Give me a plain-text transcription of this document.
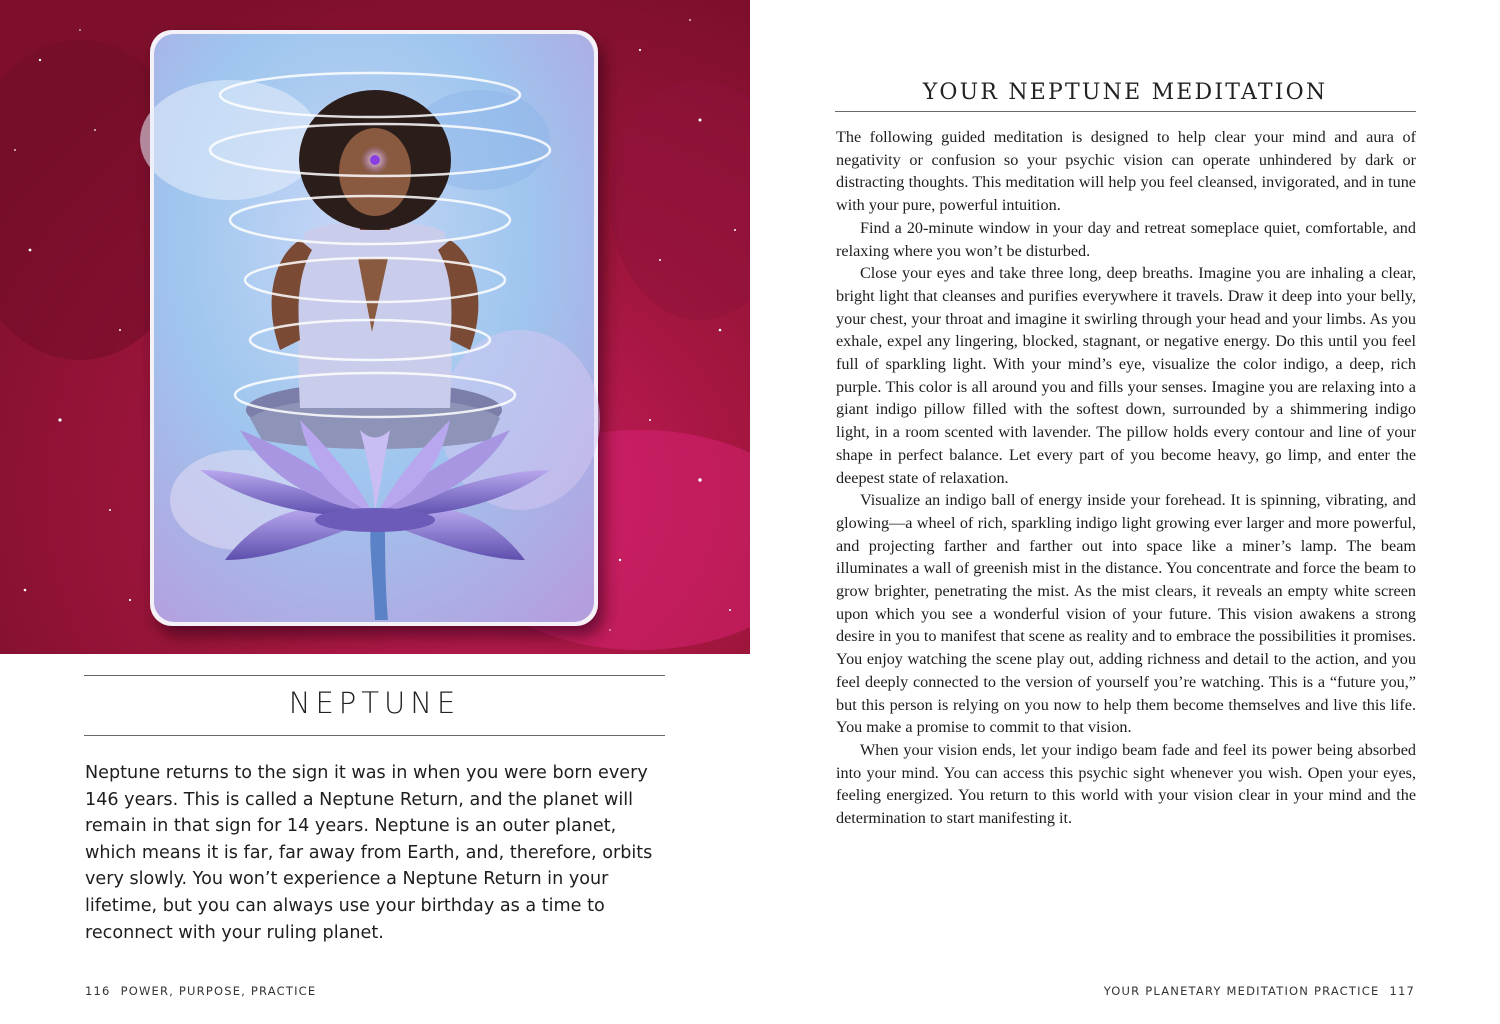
NEPTUNE

Neptune returns to the sign it was in when you were born every 146 years. This is called a Neptune Return, and the planet will remain in that sign for 14 years. Neptune is an outer planet, which means it is far, far away from Earth, and, therefore, orbits very slowly. You won’t experience a Neptune Return in your lifetime, but you can always use your birthday as a time to reconnect with your ruling planet.

116 POWER, PURPOSE, PRACTICE
YOUR NEPTUNE MEDITATION

The following guided meditation is designed to help clear your mind and aura of negativity or confusion so your psychic vision can operate unhindered by dark or distracting thoughts. This meditation will help you feel cleansed, invigorated, and in tune with your pure, powerful intuition.

Find a 20-minute window in your day and retreat someplace quiet, comfortable, and relaxing where you won’t be disturbed.

Close your eyes and take three long, deep breaths. Imagine you are inhaling a clear, bright light that cleanses and purifies everywhere it travels. Draw it deep into your belly, your chest, your throat and imagine it swirling through your head and your limbs. As you exhale, expel any lingering, blocked, stagnant, or negative energy. Do this until you feel full of sparkling light. With your mind’s eye, visualize the color indigo, a deep, rich purple. This color is all around you and fills your senses. Imagine you are relaxing into a giant indigo pillow filled with the softest down, surrounded by a shimmering indigo light, in a room scented with lavender. The pillow holds every contour and line of your shape in perfect balance. Let every part of you become heavy, go limp, and enter the deepest state of relaxation.

Visualize an indigo ball of energy inside your forehead. It is spinning, vibrating, and glowing—a wheel of rich, sparkling indigo light growing ever larger and more powerful, and projecting farther and farther out into space like a miner’s lamp. The beam illuminates a wall of greenish mist in the distance. You concentrate and force the beam to grow brighter, penetrating the mist. As the mist clears, it reveals an empty white screen upon which you see a wonderful vision of your future. This vision awakens a strong desire in you to manifest that scene as reality and to embrace the possibilities it promises. You enjoy watching the scene play out, adding richness and detail to the action, and you feel deeply connected to the version of yourself you’re watching. This is a “future you,” but this person is relying on you now to help them become themselves and live this life. You make a promise to commit to that vision.

When your vision ends, let your indigo beam fade and feel its power being absorbed into your mind. You can access this psychic sight whenever you wish. Open your eyes, feeling energized. You return to this world with your vision clear in your mind and the determination to start manifesting it.

YOUR PLANETARY MEDITATION PRACTICE 117
